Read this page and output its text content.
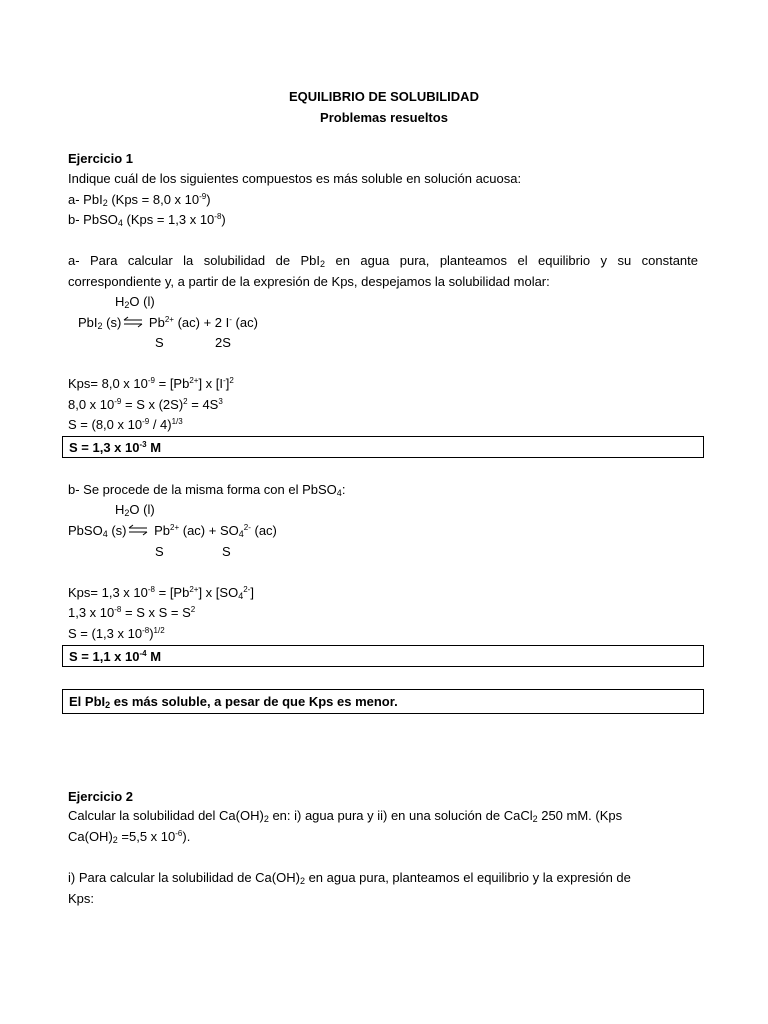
EQUILIBRIO DE SOLUBILIDAD
Problemas resueltos
Ejercicio 1
Indique cuál de los siguientes compuestos es más soluble en solución acuosa:
a- PbI$_2$ (Kps = 8,0 x $10^{-9}$)
b- PbSO$_4$ (Kps = 1,3 x $10^{-8}$)
a- Para calcular la solubilidad de PbI$_2$ en agua pura, planteamos el equilibrio y su constante
correspondiente y, a partir de la expresión de Kps, despejamos la solubilidad molar:
$H_2O$ (l)
PbI$_2$ (s) ⇌ $Pb^{2+}$ (ac) + 2 I- (ac)
S	2S
Kps= 8,0 x $10^{-9} = [Pb^{2+}]$ x $[I^-]^2$
8,0 x $10^{-9} = S$ x $(2S)^2 = 4S^3$
S = (8,0 x $10^{-9} / 4)^{1/3}$
S = 1,3 x $10^{-3}$ M
b- Se procede de la misma forma con el PbSO$_4$:
$H_2O$ (l)
PbSO$_4$ (s) ⇌ $Pb^{2+}$ $(ac) + SO_4^{2-}$ (ac)
S	S
Kps= 1,3 x $10^{-8} = [Pb^{2+}]$ x $[SO_4^{2-}]$
1,3 x $10^{-8} = S$ x $S = S^2$
S = (1,3 x $10^{-8})^{1/2}$
S = 1,1 x $10^{-4}$ M
El PbI$_2$ es más soluble, a pesar de que Kps es menor.
Ejercicio 2
Calcular la solubilidad del $Ca(OH)_2$ en: i) agua pura y ii) en una solución de CaCl$_2$ 250 mM. (Kps
$Ca(OH)_2 =5,5$ x $10^{-6}$).
i) Para calcular la solubilidad de $Ca(OH)_2$ en agua pura, planteamos el equilibrio y la expresión de
Kps:
